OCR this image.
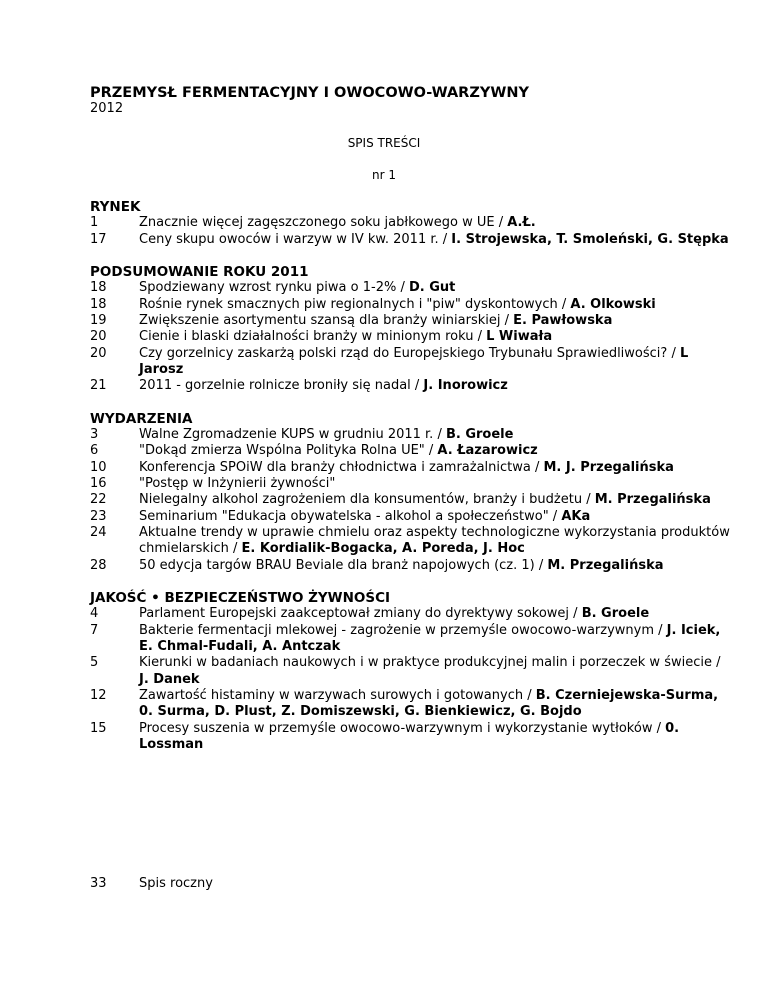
PRZEMYSŁ FERMENTACYJNY I OWOCOWO-WARZYWNY
2012
SPIS TREŚCI
nr 1
RYNEK
1	Znacznie więcej zagęszczonego soku jabłkowego w UE / A.Ł.
17	Ceny skupu owoców i warzyw w IV kw. 2011 r. / I. Strojewska, T. Smoleński, G. Stępka
PODSUMOWANIE ROKU 2011
18	Spodziewany wzrost rynku piwa o 1-2% / D. Gut
18	Rośnie rynek smacznych piw regionalnych i "piw" dyskontowych / A. Olkowski
19	Zwiększenie asortymentu szansą dla branży winiarskiej / E. Pawłowska
20	Cienie i blaski działalności branży w minionym roku / L Wiwała
20	Czy gorzelnicy zaskarżą polski rząd do Europejskiego Trybunału Sprawiedliwości? / L Jarosz
21	2011 - gorzelnie rolnicze broniły się nadal / J. Inorowicz
WYDARZENIA
3	Walne Zgromadzenie KUPS w grudniu 2011 r. / B. Groele
6	"Dokąd zmierza Wspólna Polityka Rolna UE" / A. Łazarowicz
10	Konferencja SPOiW dla branży chłodnictwa i zamrażalnictwa / M. J. Przegalińska
16	"Postęp w Inżynierii żywności"
22	Nielegalny alkohol zagrożeniem dla konsumentów, branży i budżetu / M. Przegalińska
23	Seminarium "Edukacja obywatelska - alkohol a społeczeństwo" / AKa
24	Aktualne trendy w uprawie chmielu oraz aspekty technologiczne wykorzystania produktów chmielarskich / E. Kordialik-Bogacka, A. Poreda, J. Hoc
28	50 edycja targów BRAU Beviale dla branż napojowych (cz. 1) / M. Przegalińska
JAKOŚĆ • BEZPIECZEŃSTWO ŻYWNOŚCI
4	Parlament Europejski zaakceptował zmiany do dyrektywy sokowej / B. Groele
7	Bakterie fermentacji mlekowej - zagrożenie w przemyśle owocowo-warzywnym / J. Iciek, E. Chmal-Fudali, A. Antczak
5	Kierunki w badaniach naukowych i w praktyce produkcyjnej malin i porzeczek w świecie / J. Danek
12	Zawartość histaminy w warzywach surowych i gotowanych / B. Czerniejewska-Surma, 0. Surma, D. Plust, Z. Domiszewski, G. Bienkiewicz, G. Bojdo
15	Procesy suszenia w przemyśle owocowo-warzywnym i wykorzystanie wytłoków / 0. Lossman
33	Spis roczny
